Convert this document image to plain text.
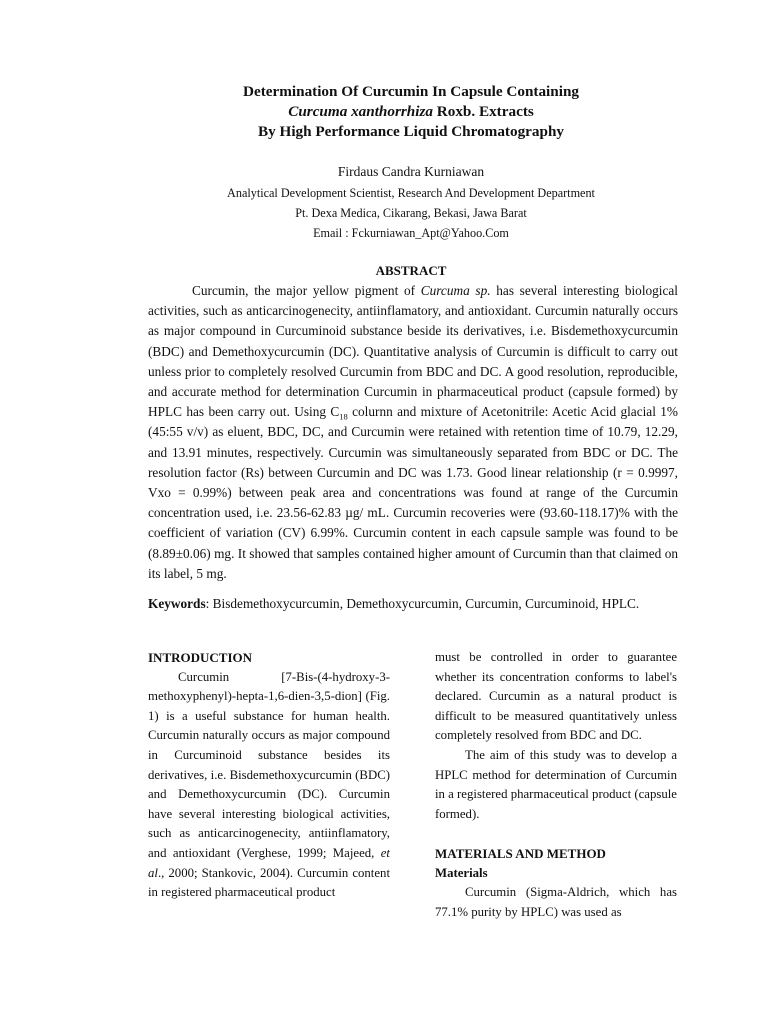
Determination Of Curcumin In Capsule Containing
Curcuma xanthorrhiza Roxb. Extracts
By High Performance Liquid Chromatography
Firdaus Candra Kurniawan
Analytical Development Scientist, Research And Development Department
Pt. Dexa Medica, Cikarang, Bekasi, Jawa Barat
Email : Fckurniawan_Apt@Yahoo.Com
ABSTRACT

Curcumin, the major yellow pigment of Curcuma sp. has several interesting biological activities, such as anticarcinogenecity, antiinflamatory, and antioxidant. Curcumin naturally occurs as major compound in Curcuminoid substance beside its derivatives, i.e. Bisdemethoxycurcumin (BDC) and Demethoxycurcumin (DC). Quantitative analysis of Curcumin is difficult to carry out unless prior to completely resolved Curcumin from BDC and DC. A good resolution, reproducible, and accurate method for determination Curcumin in pharmaceutical product (capsule formed) by HPLC has been carry out. Using $C_{18}$ colurnn and mixture of Acetonitrile: Acetic Acid glacial 1% (45:55 v/v) as eluent, BDC, DC, and Curcumin were retained with retention time of 10.79, 12.29, and 13.91 minutes, respectively. Curcumin was simultaneously separated from BDC or DC. The resolution factor (Rs) between Curcumin and DC was 1.73. Good linear relationship (r = 0.9997, Vxo = 0.99%) between peak area and concentrations was found at range of the Curcumin concentration used, i.e. 23.56-62.83 µg/ mL. Curcumin recoveries were (93.60-118.17)% with the coefficient of variation (CV) 6.99%. Curcumin content in each capsule sample was found to be (8.89±0.06) mg. It showed that samples contained higher amount of Curcumin than that claimed on its label, 5 mg.

Keywords: Bisdemethoxycurcumin, Demethoxycurcumin, Curcumin, Curcuminoid, HPLC.
INTRODUCTION

Curcumin [7-Bis-(4-hydroxy-3-methoxyphenyl)-hepta-1,6-dien-3,5-dion] (Fig. 1) is a useful substance for human health. Curcumin naturally occurs as major compound in Curcuminoid substance besides its derivatives, i.e. Bisdemethoxycurcumin (BDC) and Demethoxycurcumin (DC). Curcumin have several interesting biological activities, such as anticarcinogenecity, antiinflamatory, and antioxidant (Verghese, 1999; Majeed, et al., 2000; Stankovic, 2004). Curcumin content in registered pharmaceutical product

must be controlled in order to guarantee whether its concentration conforms to label's declared. Curcumin as a natural product is difficult to be measured quantitatively unless completely resolved from BDC and DC.

The aim of this study was to develop a HPLC method for determination of Curcumin in a registered pharmaceutical product (capsule formed).

MATERIALS AND METHOD
Materials

Curcumin (Sigma-Aldrich, which has 77.1% purity by HPLC) was used as
